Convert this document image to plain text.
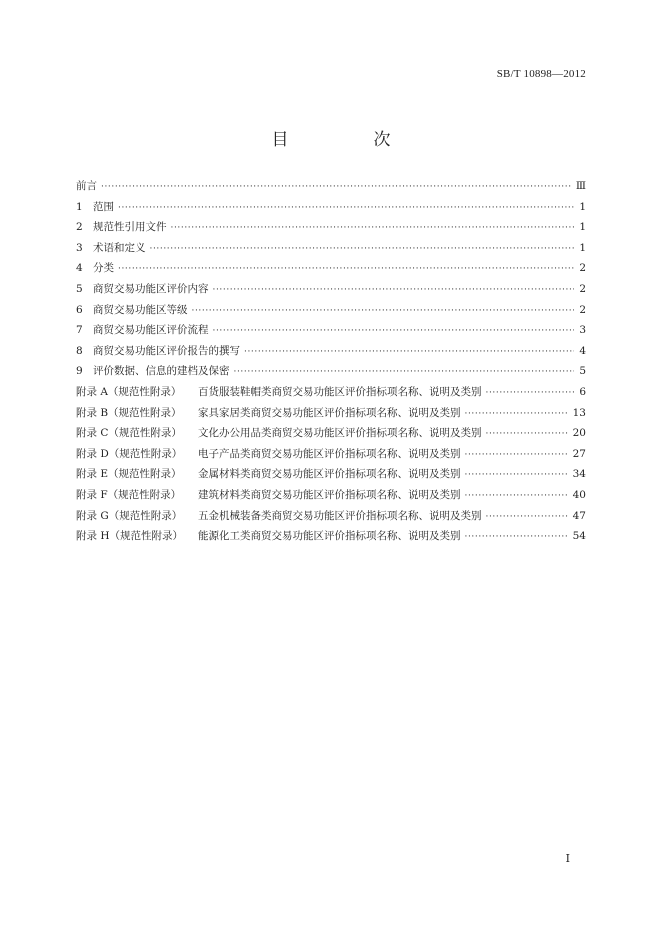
SB/T 10898—2012
目　次
前言 ·····	Ⅲ
1 范围 ·····	1
2 规范性引用文件 ·····	1
3 术语和定义 ·····	1
4 分类 ·····	2
5 商贸交易功能区评价内容 ·····	2
6 商贸交易功能区等级 ·····	2
7 商贸交易功能区评价流程 ·····	3
8 商贸交易功能区评价报告的撰写 ·····	4
9 评价数据、信息的建档及保密 ·····	5
附录 A（规范性附录）	百货服装鞋帽类商贸交易功能区评价指标项名称、说明及类别 ·····	6
附录 B（规范性附录）	家具家居类商贸交易功能区评价指标项名称、说明及类别 ·····	13
附录 C（规范性附录）	文化办公用品类商贸交易功能区评价指标项名称、说明及类别 ·····	20
附录 D（规范性附录）	电子产品类商贸交易功能区评价指标项名称、说明及类别 ·····	27
附录 E（规范性附录）	金属材料类商贸交易功能区评价指标项名称、说明及类别 ·····	34
附录 F（规范性附录）	建筑材料类商贸交易功能区评价指标项名称、说明及类别 ·····	40
附录 G（规范性附录）	五金机械装备类商贸交易功能区评价指标项名称、说明及类别 ·····	47
附录 H（规范性附录）	能源化工类商贸交易功能区评价指标项名称、说明及类别 ·····	54
I
